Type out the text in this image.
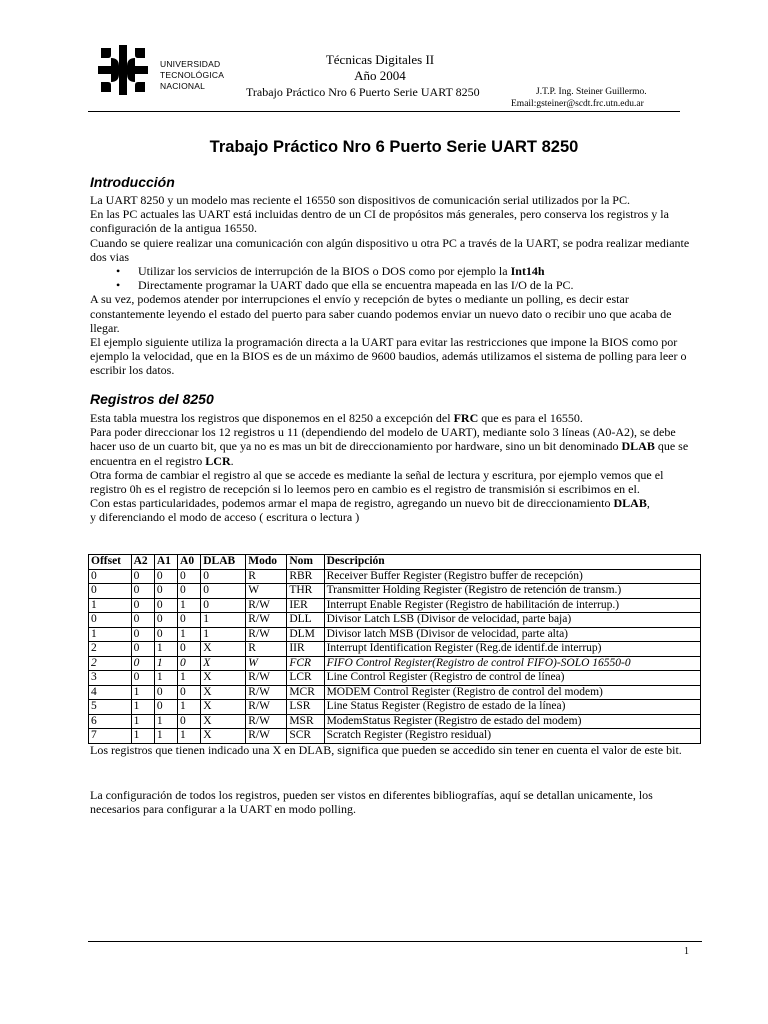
UNIVERSIDAD
TECNOLÓGICA
NACIONAL
Técnicas Digitales II
Año 2004
Trabajo Práctico Nro 6 Puerto Serie UART 8250	J.T.P. Ing. Steiner Guillermo.
Email:gsteiner@scdt.frc.utn.edu.ar
Trabajo Práctico Nro 6 Puerto Serie UART 8250
Introducción

La UART 8250 y un modelo mas reciente el 16550 son dispositivos de comunicación serial utilizados por la PC.

En las PC actuales las UART está incluidas dentro de un CI de propósitos más generales, pero conserva los registros y la configuración de la antigua 16550.

Cuando se quiere realizar una comunicación con algún dispositivo u otra PC a través de la UART, se podra realizar mediante dos vias

• Utilizar los servicios de interrupción de la BIOS o DOS como por ejemplo la Int14h
• Directamente programar la UART dado que ella se encuentra mapeada en las I/O de la PC.

A su vez, podemos atender por interrupciones el envío y recepción de bytes o mediante un polling, es decir estar constantemente leyendo el estado del puerto para saber cuando podemos enviar un nuevo dato o recibir uno que acaba de llegar.

El ejemplo siguiente utiliza la programación directa a la UART para evitar las restricciones que impone la BIOS como por ejemplo la velocidad, que en la BIOS es de un máximo de 9600 baudios, además utilizamos el sistema de polling para leer o escribir los datos.

Registros del 8250

Esta tabla muestra los registros que disponemos en el 8250 a excepción del FRC que es para el 16550.

Para poder direccionar los 12 registros u 11 (dependiendo del modelo de UART), mediante solo 3 líneas (A0-A2), se debe hacer uso de un cuarto bit, que ya no es mas un bit de direccionamiento por hardware, sino un bit denominado DLAB que se encuentra en el registro LCR.

Otra forma de cambiar el registro al que se accede es mediante la señal de lectura y escritura, por ejemplo vemos que el registro 0h es el registro de recepción si lo leemos pero en cambio es el registro de transmisión si escribimos en el.

Con estas particularidades, podemos armar el mapa de registro, agregando un nuevo bit de direccionamiento DLAB,

y diferenciando el modo de acceso ( escritura o lectura )

Offset	A2	A1	A0	DLAB	Modo	Nom	Descripción
0	0	0	0	0	R	RBR	Receiver Buffer Register (Registro buffer de recepción)
0	0	0	0	0	W	THR	Transmitter Holding Register (Registro de retención de transm.)
1	0	0	1	0	R/W	IER	Interrupt Enable Register (Registro de habilitación de interrup.)
0	0	0	0	1	R/W	DLL	Divisor Latch LSB (Divisor de velocidad, parte baja)
1	0	0	1	1	R/W	DLM	Divisor latch MSB (Divisor de velocidad, parte alta)
2	0	1	0	X	R	IIR	Interrupt Identification Register (Reg.de identif.de interrup)
2	0	1	0	X	W	FCR	FIFO Control Register(Registro de control FIFO)-SOLO 16550-0
3	0	1	1	X	R/W	LCR	Line Control Register (Registro de control de línea)
4	1	0	0	X	R/W	MCR	MODEM Control Register (Registro de control del modem)
5	1	0	1	X	R/W	LSR	Line Status Register (Registro de estado de la línea)
6	1	1	0	X	R/W	MSR	ModemStatus Register (Registro de estado del modem)
7	1	1	1	X	R/W	SCR	Scratch Register (Registro residual)

Los registros que tienen indicado una X en DLAB, significa que pueden se accedido sin tener en cuenta el valor de este bit.

La configuración de todos los registros, pueden ser vistos en diferentes bibliografías, aquí se detallan unicamente, los necesarios para configurar a la UART en modo polling.

1
